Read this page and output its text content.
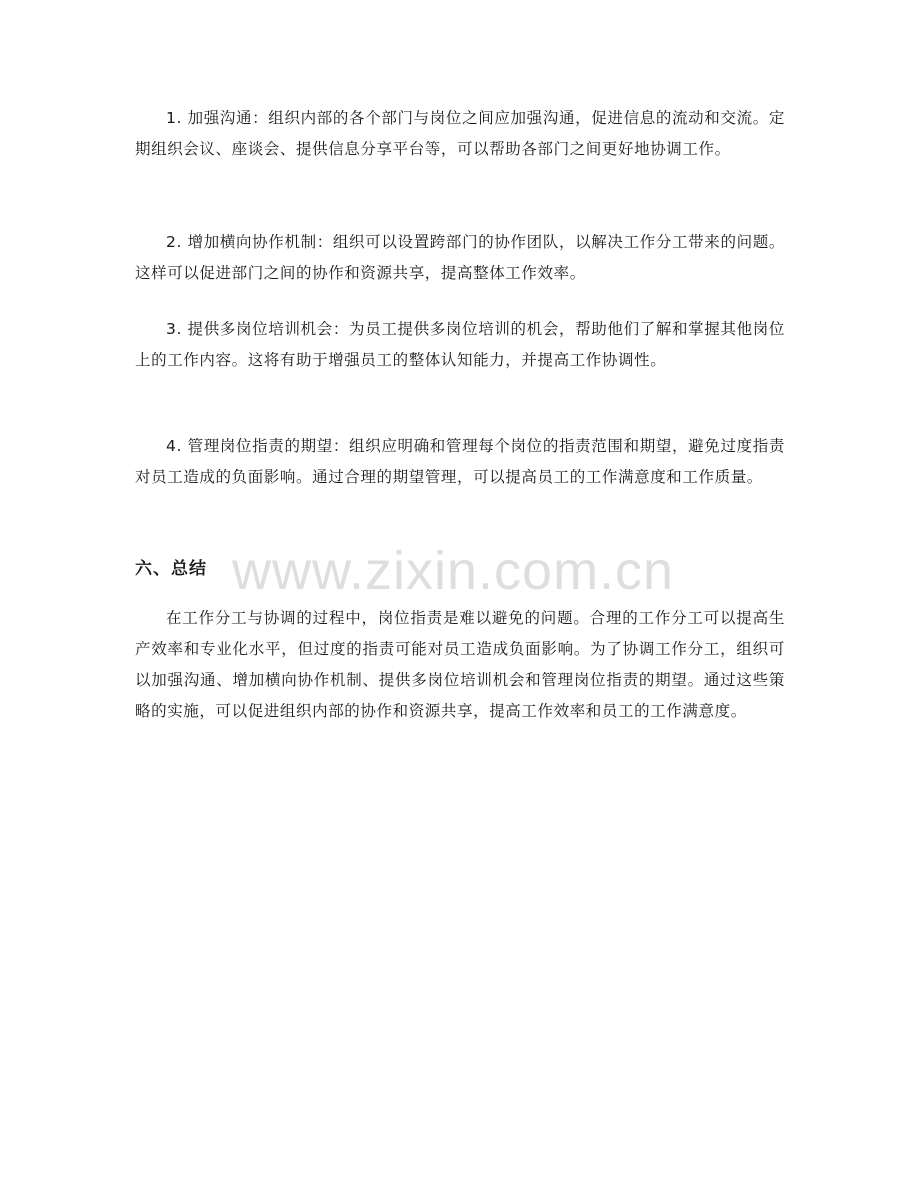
1. 加强沟通：组织内部的各个部门与岗位之间应加强沟通，促进信息的流动和交流。定期组织会议、座谈会、提供信息分享平台等，可以帮助各部门之间更好地协调工作。

2. 增加横向协作机制：组织可以设置跨部门的协作团队，以解决工作分工带来的问题。这样可以促进部门之间的协作和资源共享，提高整体工作效率。

3. 提供多岗位培训机会：为员工提供多岗位培训的机会，帮助他们了解和掌握其他岗位上的工作内容。这将有助于增强员工的整体认知能力，并提高工作协调性。

4. 管理岗位指责的期望：组织应明确和管理每个岗位的指责范围和期望，避免过度指责对员工造成的负面影响。通过合理的期望管理，可以提高员工的工作满意度和工作质量。

六、总结 www.zixin.com.cn

在工作分工与协调的过程中，岗位指责是难以避免的问题。合理的工作分工可以提高生产效率和专业化水平，但过度的指责可能对员工造成负面影响。为了协调工作分工，组织可以加强沟通、增加横向协作机制、提供多岗位培训机会和管理岗位指责的期望。通过这些策略的实施，可以促进组织内部的协作和资源共享，提高工作效率和员工的工作满意度。
